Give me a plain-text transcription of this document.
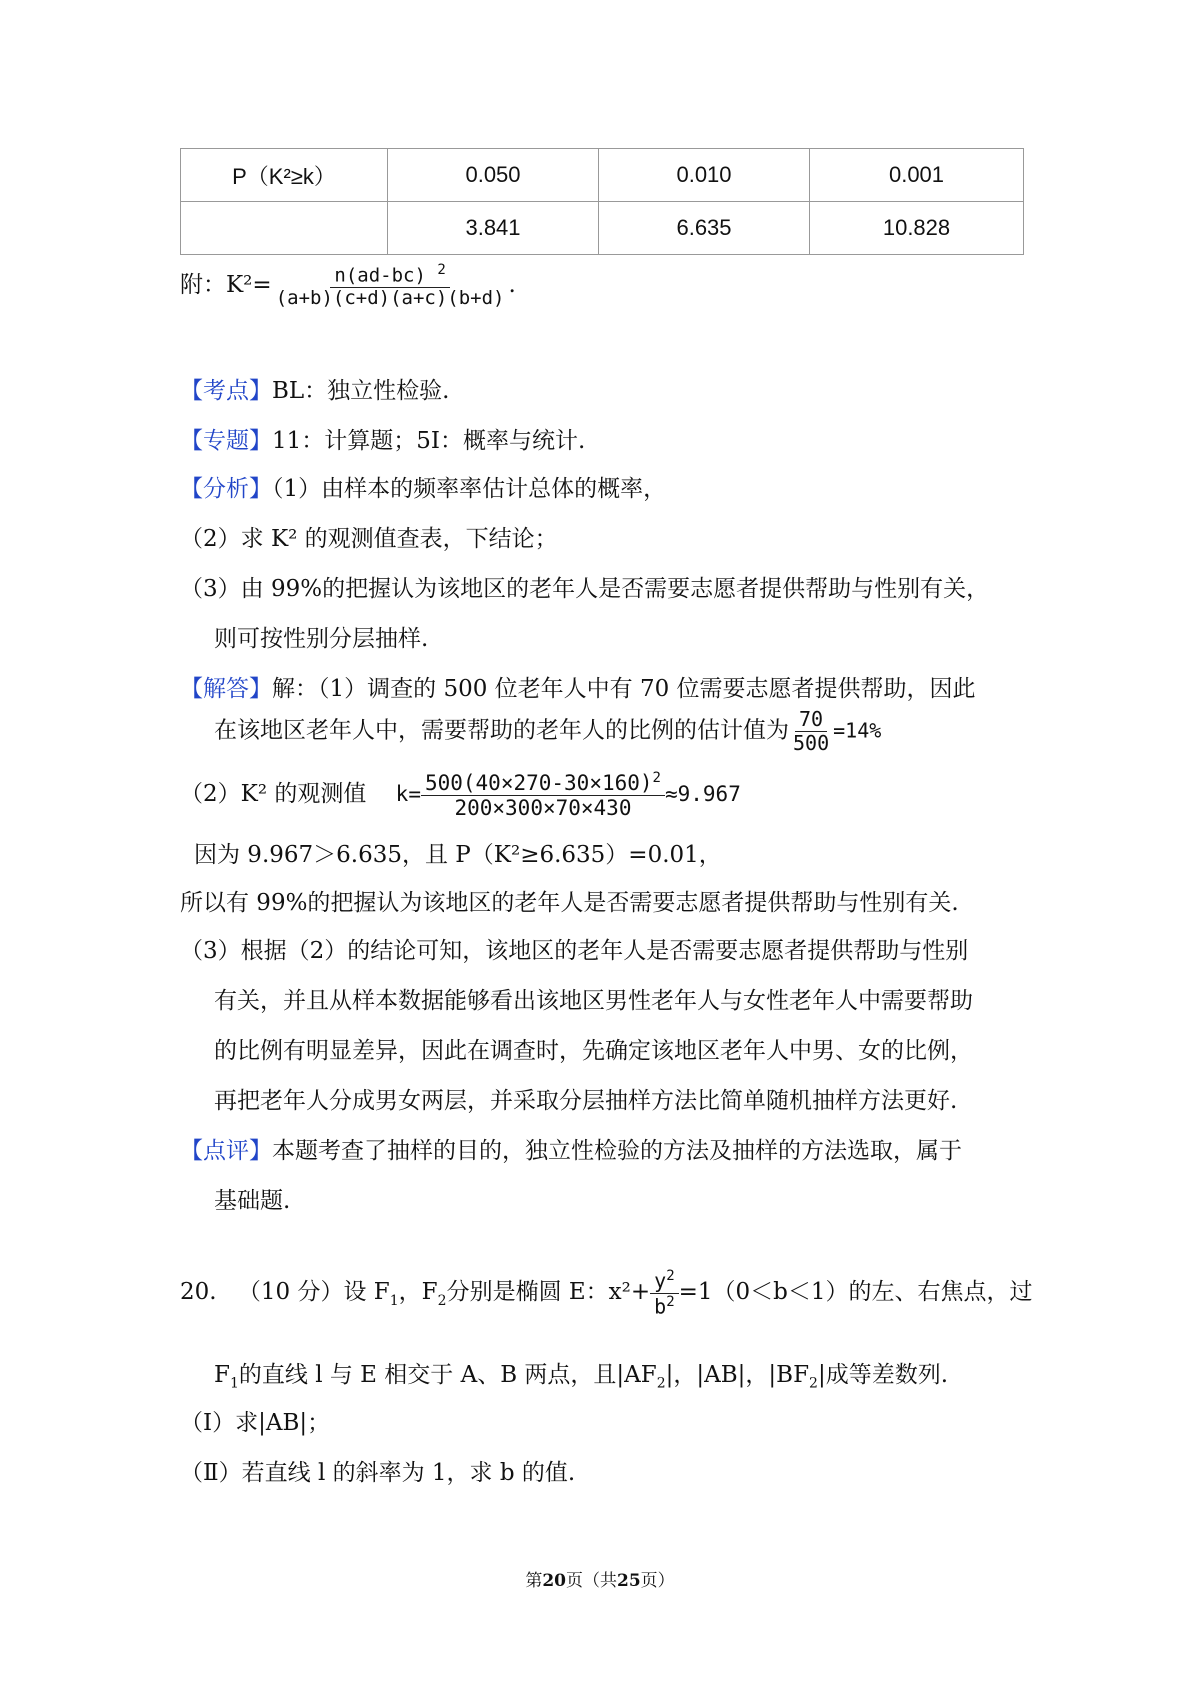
P（K²≥k）	0.050	0.010	0.001
	3.841	6.635	10.828
附：$K^2= \frac{n(ad-bc) ^2}{(a+b)(c+d)(a+c)(b+d)}$ .
【考点】BL：独立性检验.
【专题】11：计算题；5I：概率与统计.
【分析】（1）由样本的频率率估计总体的概率，
（2）求 K² 的观测值查表，下结论；
（3）由 99%的把握认为该地区的老年人是否需要志愿者提供帮助与性别有关，
则可按性别分层抽样.
【解答】解：（1）调查的 500 位老年人中有 70 位需要志愿者提供帮助，因此
在该地区老年人中，需要帮助的老年人的比例的估计值为 $\frac{70}{500} =14\%$
（2）K² 的观测值 $k= \frac{500(40\times 270-30\times 160)^2}{200\times 300\times 70\times 430} \approx 9.967$
因为 9.967＞6.635，且 P（K²≥6.635）=0.01，
所以有 99%的把握认为该地区的老年人是否需要志愿者提供帮助与性别有关.
（3）根据（2）的结论可知，该地区的老年人是否需要志愿者提供帮助与性别
有关，并且从样本数据能够看出该地区男性老年人与女性老年人中需要帮助
的比例有明显差异，因此在调查时，先确定该地区老年人中男、女的比例，
再把老年人分成男女两层，并采取分层抽样方法比简单随机抽样方法更好.
【点评】本题考查了抽样的目的，独立性检验的方法及抽样的方法选取，属于
基础题.
20. （10 分）设 $F_1$，$F_2$分别是椭圆 E：$x^2+ \frac{y^2}{b^2} =1(0<b<1)$的左、右焦点，过
$F_1$的直线 l 与 E 相交于 A、B 两点，且$|AF_2|$，|AB|，$|BF_2|$成等差数列.
（Ⅰ）求|AB|；
（Ⅱ）若直线 l 的斜率为 1，求 b 的值.
第20页（共25页）
